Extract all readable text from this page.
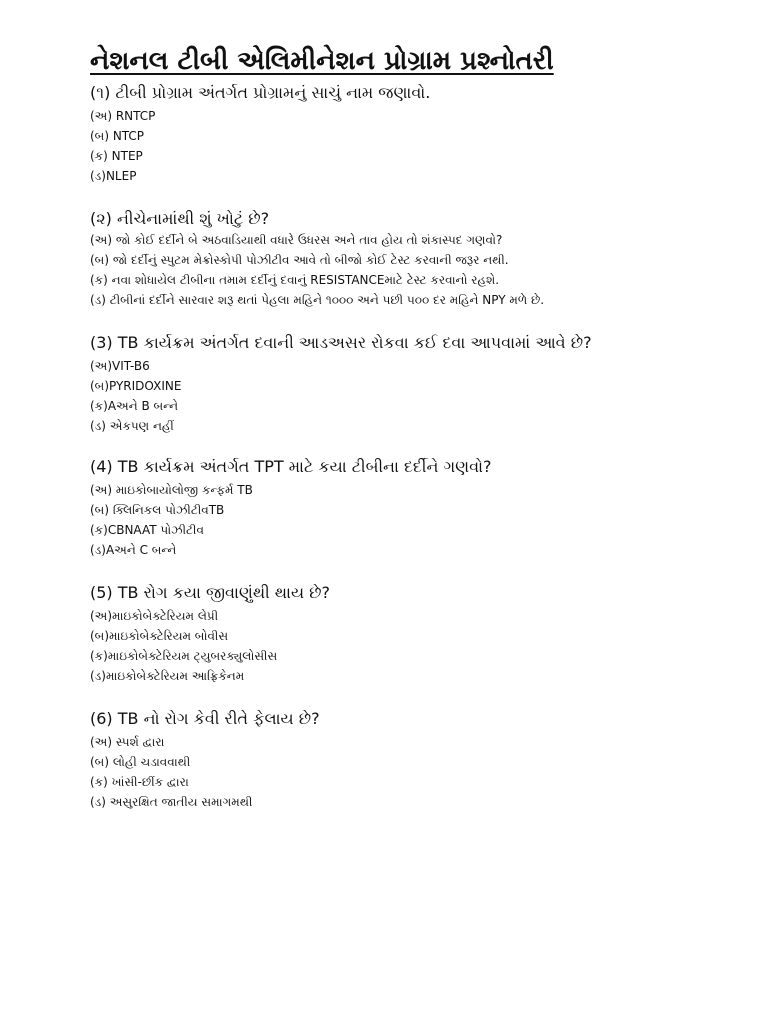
નેશનલ ટીબી એલિમીનેશન પ્રોગ્રામ પ્રશ્નોતરી
(૧) ટીબી પ્રોગ્રામ અંતર્ગત પ્રોગ્રામનું સાચું નામ જણાવો.
(અ) RNTCP
(બ) NTCP
(ક) NTEP
(ડ)NLEP
(૨) નીચેનામાંથી શું ખોટું છે?
(અ) જો કોઈ દર્દીને બે અઠવાડિયાથી વધારે ઉધરસ અને તાવ હોય તો શંકાસ્પદ ગણવો?
(બ) જો દર્દીનું સ્પુટમ મેક્રોસ્કોપી પોઝીટીવ આવે તો બીજો કોઈ ટેસ્ટ કરવાની જરૂર નથી.
(ક) નવા શોધાયેલ ટીબીના તમામ દર્દીનું દવાનું RESISTANCEમાટે ટેસ્ટ કરવાનો રહશે.
(ડ) ટીબીનાં દર્દીને સારવાર શરૂ થતાં પેહલા મહિને ૧૦૦૦ અને પછી ૫૦૦ દર મહિને NPY મળે છે.
(3) TB કાર્યક્રમ અંતર્ગત દવાની આડઅસર રોકવા કઈ દવા આપવામાં આવે છે?
(અ)VIT-B6
(બ)PYRIDOXINE
(ક)Aઅને B બન્ને
(ડ) એકપણ નહીં
(4) TB કાર્યક્રમ અંતર્ગત TPT માટે કયા ટીબીના દર્દીને ગણવો?
(અ) માઇકોબાયોલોજી કન્ફર્મ TB
(બ) ક્લિનિકલ પોઝીટીવTB
(ક)CBNAAT પોઝીટીવ
(ડ)Aઅને C બન્ને
(5) TB રોગ કયા જીવાણુંથી થાય છે?
(અ)માઇકોબેક્ટેરિયમ લેપ્રી
(બ)માઇકોબેક્ટેરિયમ બોવીસ
(ક)માઇકોબેક્ટેરિયમ ટ્યુબરક્યુલોસીસ
(ડ)માઇકોબેક્ટેરિયમ આફ્રિકેનમ
(6) TB નો રોગ કેવી રીતે ફેલાય છે?
(અ) સ્પર્શ દ્વારા
(બ) લોહી ચડાવવાથી
(ક) ખાંસી-છીંક દ્વારા
(ડ) અસુરક્ષિત જાતીય સમાગમથી
